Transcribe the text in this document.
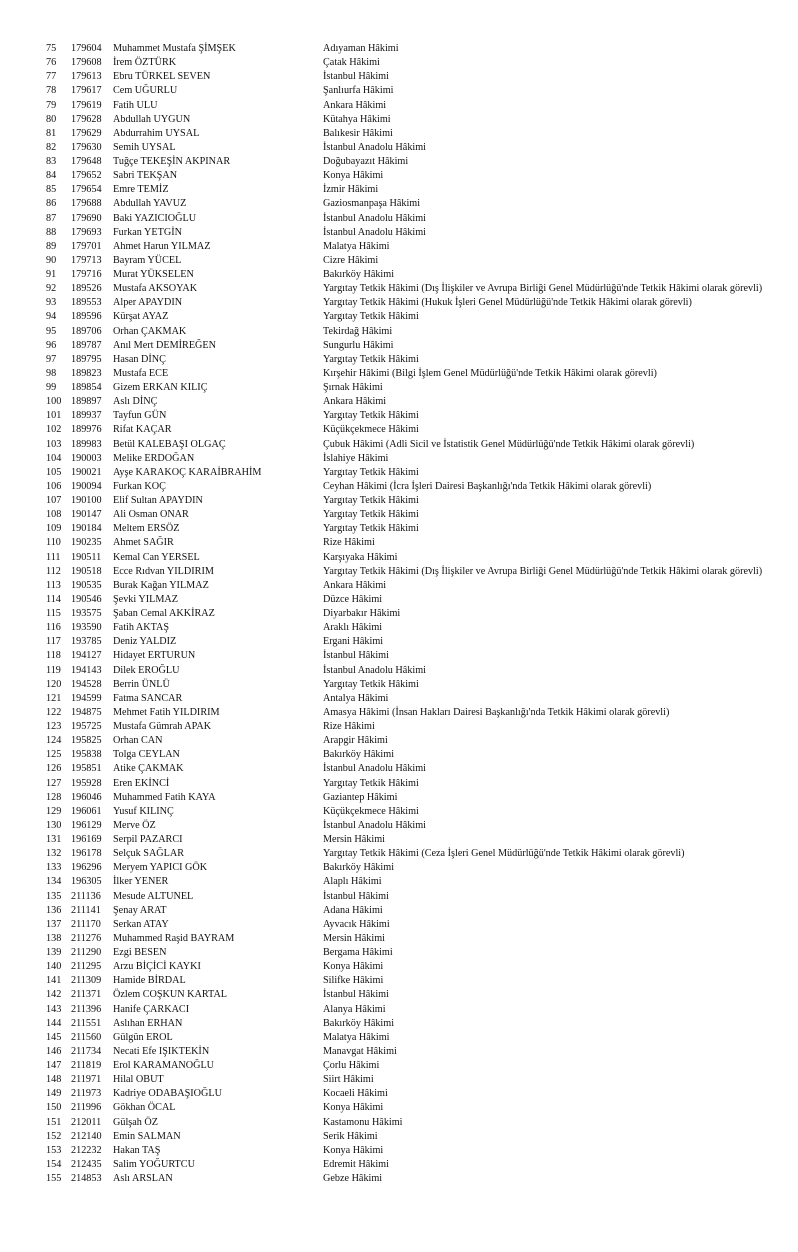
75 179604 Muhammet Mustafa ŞİMŞEK	Adıyaman Hâkimi
76 179608 İrem ÖZTÜRK	Çatak Hâkimi
77 179613 Ebru TÜRKEL SEVEN	İstanbul Hâkimi
78 179617 Cem UĞURLU	Şanlıurfa Hâkimi
79 179619 Fatih ULU	Ankara Hâkimi
80 179628 Abdullah UYGUN	Kütahya Hâkimi
81 179629 Abdurrahim UYSAL	Balıkesir Hâkimi
82 179630 Semih UYSAL	İstanbul Anadolu Hâkimi
83 179648 Tuğçe TEKEŞİN AKPINAR	Doğubayazıt Hâkimi
84 179652 Sabri TEKŞAN	Konya Hâkimi
85 179654 Emre TEMİZ	İzmir Hâkimi
86 179688 Abdullah YAVUZ	Gaziosmanpaşa Hâkimi
87 179690 Baki YAZICIOĞLU	İstanbul Anadolu Hâkimi
88 179693 Furkan YETGİN	İstanbul Anadolu Hâkimi
89 179701 Ahmet Harun YILMAZ	Malatya Hâkimi
90 179713 Bayram YÜCEL	Cizre Hâkimi
91 179716 Murat YÜKSELEN	Bakırköy Hâkimi
92 189526 Mustafa AKSOYAK	Yargıtay Tetkik Hâkimi (Dış İlişkiler ve Avrupa Birliği Genel Müdürlüğü'nde Tetkik Hâkimi olarak görevli)
93 189553 Alper APAYDIN	Yargıtay Tetkik Hâkimi (Hukuk İşleri Genel Müdürlüğü'nde Tetkik Hâkimi olarak görevli)
94 189596 Kürşat AYAZ	Yargıtay Tetkik Hâkimi
95 189706 Orhan ÇAKMAK	Tekirdağ Hâkimi
96 189787 Anıl Mert DEMİREĞEN	Sungurlu Hâkimi
97 189795 Hasan DİNÇ	Yargıtay Tetkik Hâkimi
98 189823 Mustafa ECE	Kırşehir Hâkimi (Bilgi İşlem Genel Müdürlüğü'nde Tetkik Hâkimi olarak görevli)
99 189854 Gizem ERKAN KILIÇ	Şırnak Hâkimi
100 189897 Aslı DİNÇ	Ankara Hâkimi
101 189937 Tayfun GÜN	Yargıtay Tetkik Hâkimi
102 189976 Rifat KAÇAR	Küçükçekmece Hâkimi
103 189983 Betül KALEBAŞI OLGAÇ	Çubuk Hâkimi (Adli Sicil ve İstatistik Genel Müdürlüğü'nde Tetkik Hâkimi olarak görevli)
104 190003 Melike ERDOĞAN	İslahiye Hâkimi
105 190021 Ayşe KARAKOÇ KARAİBRAHİM	Yargıtay Tetkik Hâkimi
106 190094 Furkan KOÇ	Ceyhan Hâkimi (İcra İşleri Dairesi Başkanlığı'nda Tetkik Hâkimi olarak görevli)
107 190100 Elif Sultan APAYDIN	Yargıtay Tetkik Hâkimi
108 190147 Ali Osman ONAR	Yargıtay Tetkik Hâkimi
109 190184 Meltem ERSÖZ	Yargıtay Tetkik Hâkimi
110 190235 Ahmet SAĞIR	Rize Hâkimi
111 190511 Kemal Can YERSEL	Karşıyaka Hâkimi
112 190518 Ecce Rıdvan YILDIRIM	Yargıtay Tetkik Hâkimi (Dış İlişkiler ve Avrupa Birliği Genel Müdürlüğü'nde Tetkik Hâkimi olarak görevli)
113 190535 Burak Kağan YILMAZ	Ankara Hâkimi
114 190546 Şevki YILMAZ	Düzce Hâkimi
115 193575 Şaban Cemal AKKİRAZ	Diyarbakır Hâkimi
116 193590 Fatih AKTAŞ	Araklı Hâkimi
117 193785 Deniz YALDIZ	Ergani Hâkimi
118 194127 Hidayet ERTURUN	İstanbul Hâkimi
119 194143 Dilek EROĞLU	İstanbul Anadolu Hâkimi
120 194528 Berrin ÜNLÜ	Yargıtay Tetkik Hâkimi
121 194599 Fatma SANCAR	Antalya Hâkimi
122 194875 Mehmet Fatih YILDIRIM	Amasya Hâkimi (İnsan Hakları Dairesi Başkanlığı'nda Tetkik Hâkimi olarak görevli)
123 195725 Mustafa Gümrah APAK	Rize Hâkimi
124 195825 Orhan CAN	Arapgir Hâkimi
125 195838 Tolga CEYLAN	Bakırköy Hâkimi
126 195851 Atike ÇAKMAK	İstanbul Anadolu Hâkimi
127 195928 Eren EKİNCİ	Yargıtay Tetkik Hâkimi
128 196046 Muhammed Fatih KAYA	Gaziantep Hâkimi
129 196061 Yusuf KILINÇ	Küçükçekmece Hâkimi
130 196129 Merve ÖZ	İstanbul Anadolu Hâkimi
131 196169 Serpil PAZARCI	Mersin Hâkimi
132 196178 Selçuk SAĞLAR	Yargıtay Tetkik Hâkimi (Ceza İşleri Genel Müdürlüğü'nde Tetkik Hâkimi olarak görevli)
133 196296 Meryem YAPICI GÖK	Bakırköy Hâkimi
134 196305 İlker YENER	Alaplı Hâkimi
135 211136 Mesude ALTUNEL	İstanbul Hâkimi
136 211141 Şenay ARAT	Adana Hâkimi
137 211170 Serkan ATAY	Ayvacık Hâkimi
138 211276 Muhammed Raşid BAYRAM	Mersin Hâkimi
139 211290 Ezgi BESEN	Bergama Hâkimi
140 211295 Arzu BİÇİCİ KAYKI	Konya Hâkimi
141 211309 Hamide BİRDAL	Silifke Hâkimi
142 211371 Özlem COŞKUN KARTAL	İstanbul Hâkimi
143 211396 Hanife ÇARKACI	Alanya Hâkimi
144 211551 Aslıhan ERHAN	Bakırköy Hâkimi
145 211560 Gülgün EROL	Malatya Hâkimi
146 211734 Necati Efe IŞIKTEKİN	Manavgat Hâkimi
147 211819 Erol KARAMANOĞLU	Çorlu Hâkimi
148 211971 Hilal OBUT	Siirt Hâkimi
149 211973 Kadriye ODABAŞIOĞLU	Kocaeli Hâkimi
150 211996 Gökhan ÖCAL	Konya Hâkimi
151 212011 Gülşah ÖZ	Kastamonu Hâkimi
152 212140 Emin SALMAN	Serik Hâkimi
153 212232 Hakan TAŞ	Konya Hâkimi
154 212435 Salim YOĞURTCU	Edremit Hâkimi
155 214853 Aslı ARSLAN	Gebze Hâkimi
